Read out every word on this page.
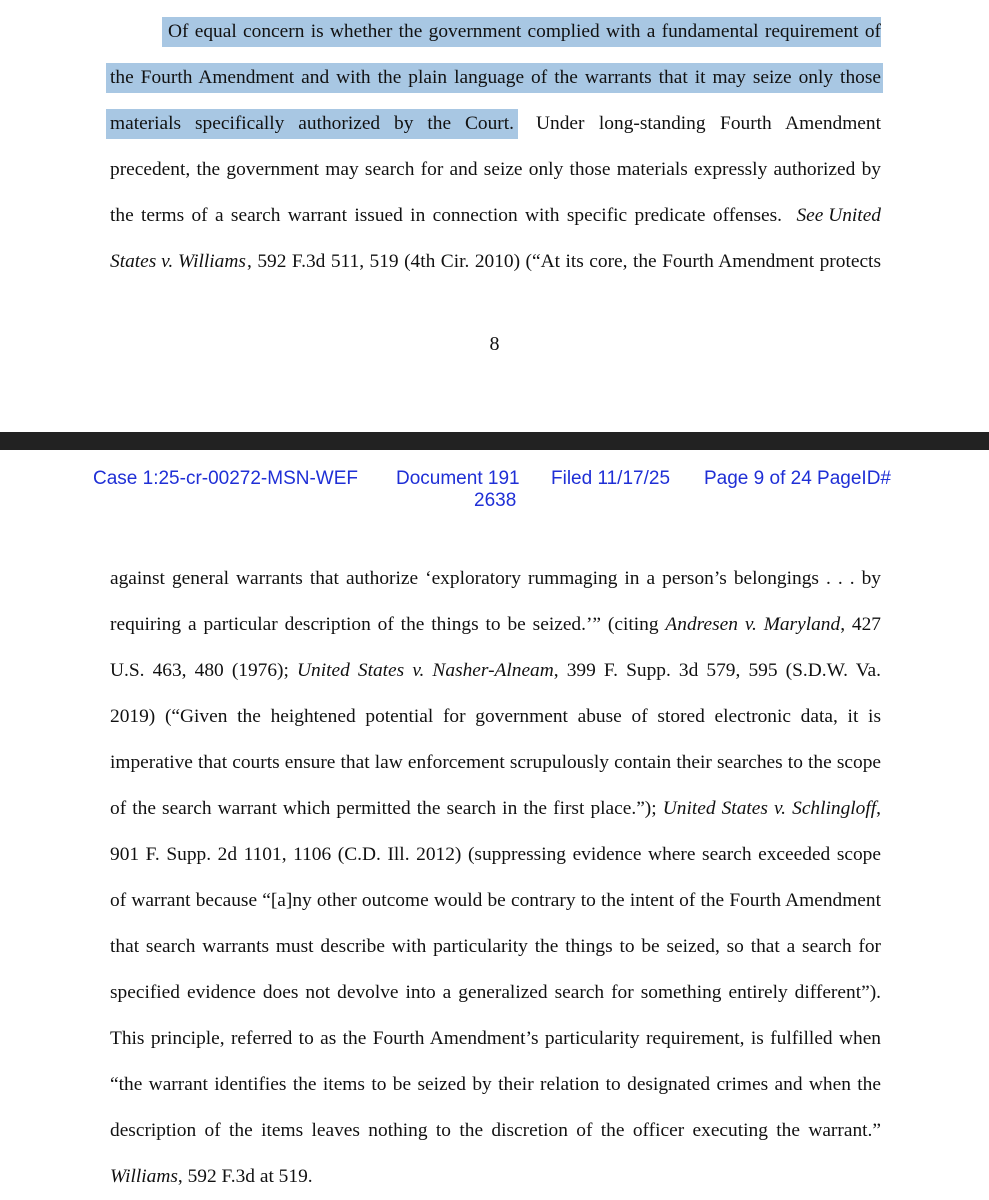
Of equal concern is whether the government complied with a fundamental requirement of
the Fourth Amendment and with the plain language of the warrants that it may seize only those
materials specifically authorized by the Court. Under long-standing Fourth Amendment
precedent, the government may search for and seize only those materials expressly authorized by
the terms of a search warrant issued in connection with specific predicate offenses. See United
States v. Williams , 592 F.3d 511, 519 (4th Cir. 2010) (“At its core, the Fourth Amendment protects
8
Case 1:25-cr-00272-MSN-WEF Document 191 Filed 11/17/25 Page 9 of 24 PageID#
2638
against general warrants that authorize ‘exploratory rummaging in a person’s belongings . . . by
requiring a particular description of the things to be seized.’” (citing Andresen v. Maryland, 427
U.S. 463, 480 (1976); United States v. Nasher-Alneam, 399 F. Supp. 3d 579, 595 (S.D.W. Va.
2019) (“Given the heightened potential for government abuse of stored electronic data, it is
imperative that courts ensure that law enforcement scrupulously contain their searches to the scope
of the search warrant which permitted the search in the first place.”); United States v. Schlingloff,
901 F. Supp. 2d 1101, 1106 (C.D. Ill. 2012) (suppressing evidence where search exceeded scope
of warrant because “[a]ny other outcome would be contrary to the intent of the Fourth Amendment
that search warrants must describe with particularity the things to be seized, so that a search for
specified evidence does not devolve into a generalized search for something entirely different”).
This principle, referred to as the Fourth Amendment’s particularity requirement, is fulfilled when
“the warrant identifies the items to be seized by their relation to designated crimes and when the
description of the items leaves nothing to the discretion of the officer executing the warrant.”
Williams, 592 F.3d at 519.
